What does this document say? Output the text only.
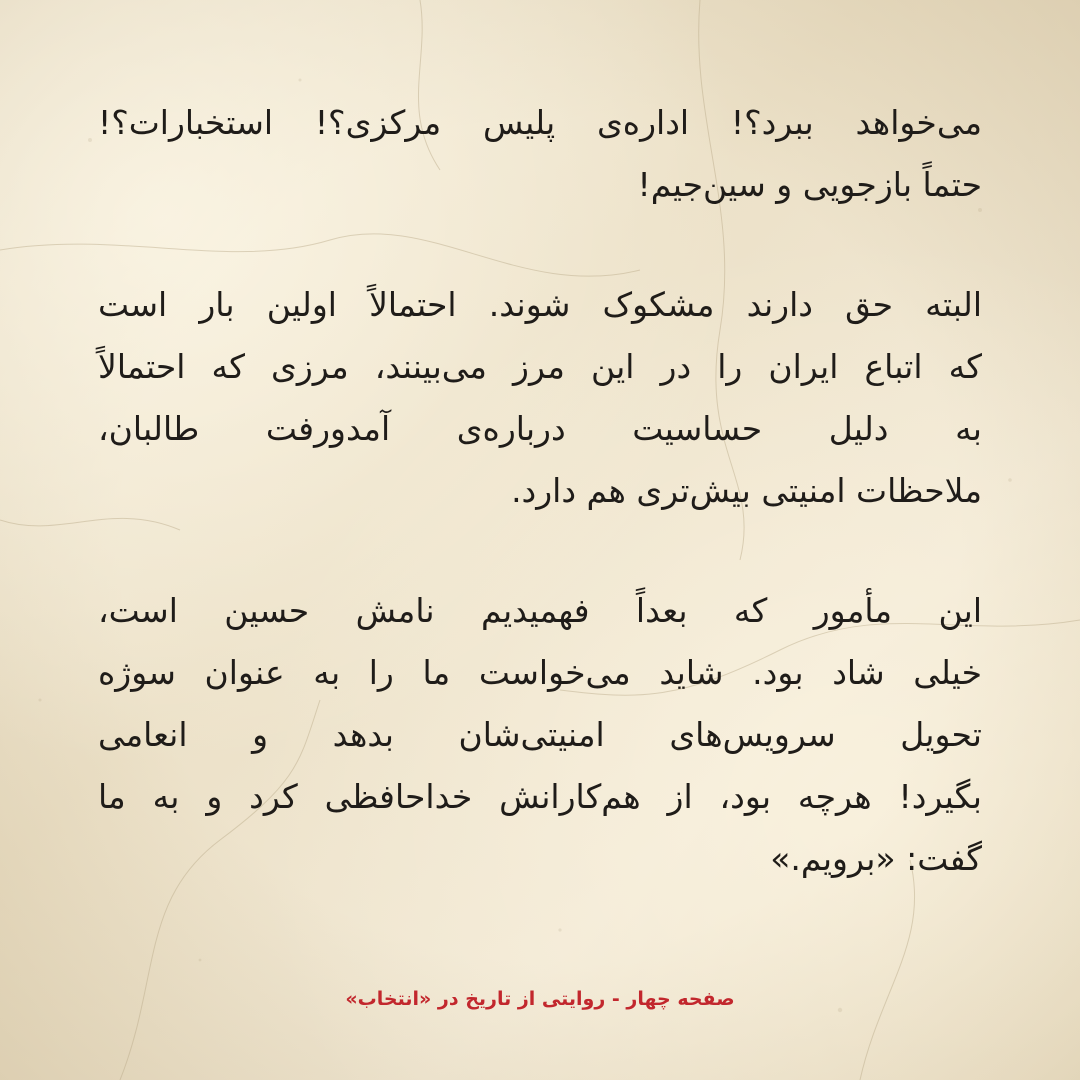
می‌خواهد ببرد؟! اداره‌ی پلیس مرکزی؟! استخبارات؟!
حتماً بازجویی و سین‌جیم!
البته حق دارند مشکوک شوند. احتمالاً اولین بار است
که اتباع ایران را در این مرز می‌بینند، مرزی که احتمالاً
به دلیل حساسیت درباره‌ی آمدورفت طالبان،
ملاحظات امنیتی بیش‌تری هم دارد.
این مأمور که بعداً فهمیدیم نامش حسین است،
خیلی شاد بود. شاید می‌خواست ما را به عنوان سوژه
تحویل سرویس‌های امنیتی‌شان بدهد و انعامی
بگیرد! هرچه بود، از هم‌کارانش خداحافظی کرد و به ما
گفت: «برویم.»
صفحه چهار - روایتی از تاریخ در «انتخاب»
